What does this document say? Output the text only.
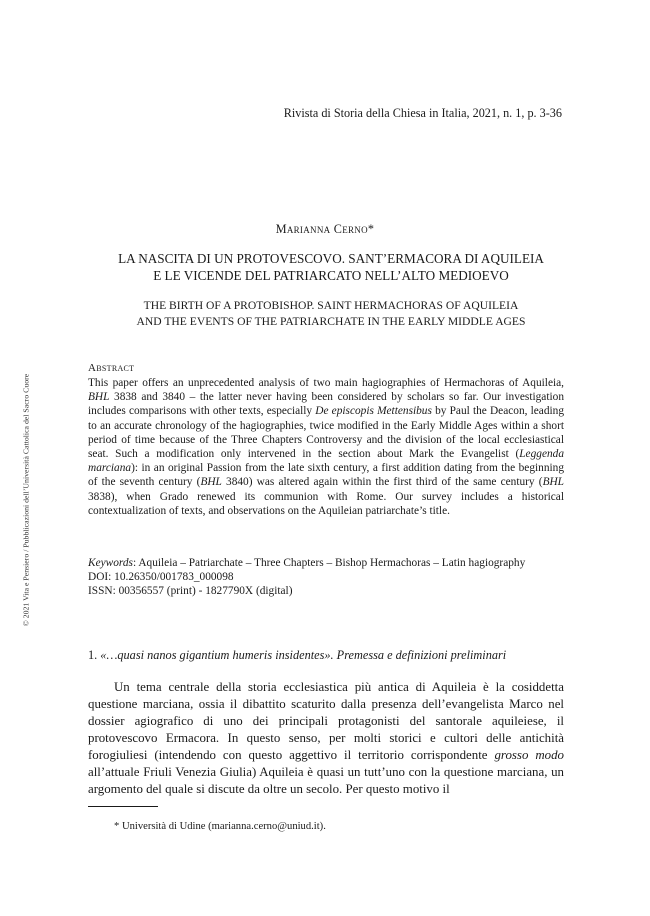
Rivista di Storia della Chiesa in Italia, 2021, n. 1, p. 3-36
© 2021 Vita e Pensiero / Pubblicazioni dell’Università Cattolica del Sacro Cuore
Marianna Cerno*
LA NASCITA DI UN PROTOVESCOVO. SANT’ERMACORA DI AQUILEIA
E LE VICENDE DEL PATRIARCATO NELL’ALTO MEDIOEVO
THE BIRTH OF A PROTOBISHOP. SAINT HERMACHORAS OF AQUILEIA
AND THE EVENTS OF THE PATRIARCHATE IN THE EARLY MIDDLE AGES
Abstract
This paper offers an unprecedented analysis of two main hagiographies of Hermachoras of Aquileia, BHL 3838 and 3840 – the latter never having been considered by scholars so far. Our investigation includes comparisons with other texts, especially De episcopis Mettensibus by Paul the Deacon, leading to an accurate chronology of the hagiographies, twice modified in the Early Middle Ages within a short period of time because of the Three Chapters Controversy and the division of the local ecclesiastical seat. Such a modification only intervened in the section about Mark the Evangelist (Leggenda marciana): in an original Passion from the late sixth century, a first addition dating from the beginning of the seventh century (BHL 3840) was altered again within the first third of the same century (BHL 3838), when Grado renewed its communion with Rome. Our survey includes a historical contextualization of texts, and observations on the Aquileian patriarchate’s title.
Keywords: Aquileia – Patriarchate – Three Chapters – Bishop Hermachoras – Latin hagiography
DOI: 10.26350/001783_000098
ISSN: 00356557 (print) - 1827790X (digital)
1. «…quasi nanos gigantium humeris insidentes». Premessa e definizioni preliminari
Un tema centrale della storia ecclesiastica più antica di Aquileia è la cosiddetta questione marciana, ossia il dibattito scaturito dalla presenza dell’evangelista Marco nel dossier agiografico di uno dei principali protagonisti del santorale aquileiese, il protovescovo Ermacora. In questo senso, per molti storici e cultori delle antichità forogiuliesi (intendendo con questo aggettivo il territorio corrispondente grosso modo all’attuale Friuli Venezia Giulia) Aquileia è quasi un tutt’uno con la questione marciana, un argomento del quale si discute da oltre un secolo. Per questo motivo il
* Università di Udine (marianna.cerno@uniud.it).
